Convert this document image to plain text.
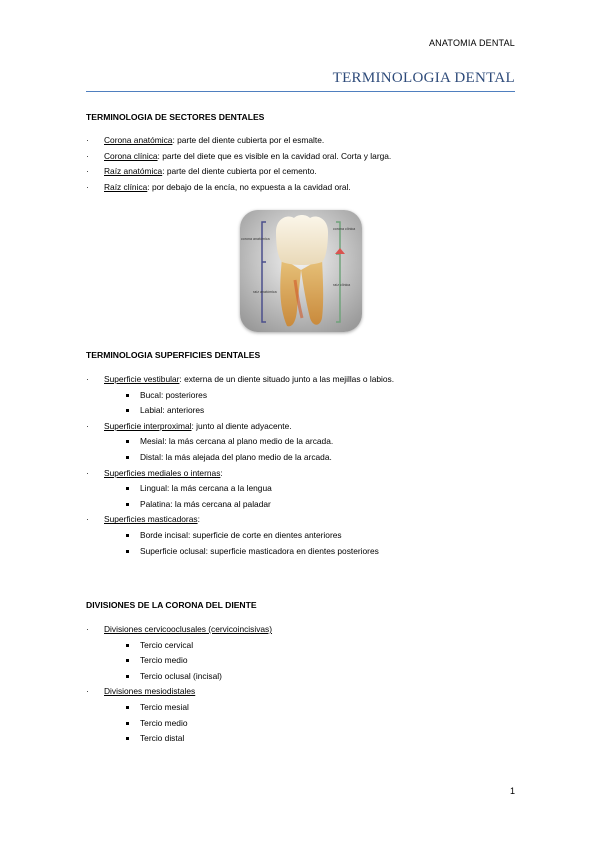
ANATOMIA DENTAL
TERMINOLOGIA DENTAL
TERMINOLOGIA DE SECTORES DENTALES
· Corona anatómica: parte del diente cubierta por el esmalte.
· Corona clínica: parte del diete que es visible en la cavidad oral. Corta y larga.
· Raíz anatómica: parte del diente cubierta por el cemento.
· Raíz clínica: por debajo de la encía, no expuesta a la cavidad oral.
corona anatómica
corona clínica
raíz anatómica
raíz clínica
TERMINOLOGIA SUPERFICIES DENTALES
· Superficie vestibular: externa de un diente situado junto a las mejillas o labios.
Bucal: posteriores
Labial: anteriores
· Superficie interproximal: junto al diente adyacente.
Mesial: la más cercana al plano medio de la arcada.
Distal: la más alejada del plano medio de la arcada.
· Superficies mediales o internas:
Lingual: la más cercana a la lengua
Palatina: la más cercana al paladar
· Superficies masticadoras:
Borde incisal: superficie de corte en dientes anteriores
Superficie oclusal: superficie masticadora en dientes posteriores
DIVISIONES DE LA CORONA DEL DIENTE
· Divisiones cervicooclusales (cervicoincisivas)
Tercio cervical
Tercio medio
Tercio oclusal (incisal)
· Divisiones mesiodistales
Tercio mesial
Tercio medio
Tercio distal
1
